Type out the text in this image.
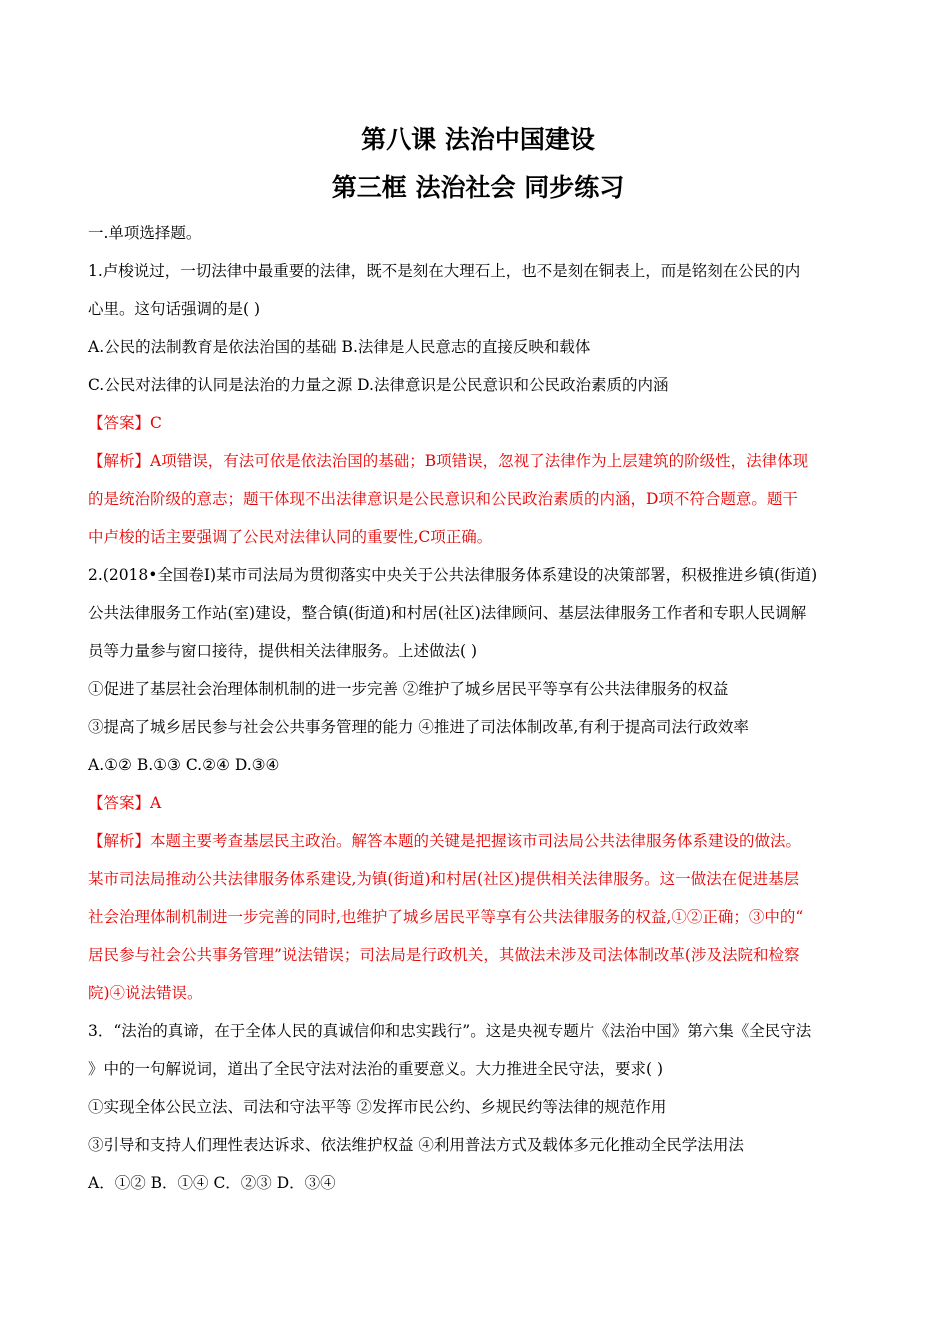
第八课 法治中国建设
第三框 法治社会 同步练习

一.单项选择题。

1.卢梭说过，一切法律中最重要的法律，既不是刻在大理石上，也不是刻在铜表上，而是铭刻在公民的内

心里。这句话强调的是( )

A.公民的法制教育是依法治国的基础 B.法律是人民意志的直接反映和载体

C.公民对法律的认同是法治的力量之源 D.法律意识是公民意识和公民政治素质的内涵

【答案】C

【解析】A项错误，有法可依是依法治国的基础；B项错误，忽视了法律作为上层建筑的阶级性，法律体现

的是统治阶级的意志；题干体现不出法律意识是公民意识和公民政治素质的内涵，D项不符合题意。题干

中卢梭的话主要强调了公民对法律认同的重要性,C项正确。

2.(2018•全国卷Ⅰ)某市司法局为贯彻落实中央关于公共法律服务体系建设的决策部署，积极推进乡镇(街道)

公共法律服务工作站(室)建设，整合镇(街道)和村居(社区)法律顾问、基层法律服务工作者和专职人民调解

员等力量参与窗口接待，提供相关法律服务。上述做法( )

①促进了基层社会治理体制机制的进一步完善 ②维护了城乡居民平等享有公共法律服务的权益

③提高了城乡居民参与社会公共事务管理的能力 ④推进了司法体制改革,有利于提高司法行政效率

A.①② B.①③ C.②④ D.③④

【答案】A

【解析】本题主要考查基层民主政治。解答本题的关键是把握该市司法局公共法律服务体系建设的做法。

某市司法局推动公共法律服务体系建设,为镇(街道)和村居(社区)提供相关法律服务。这一做法在促进基层

社会治理体制机制进一步完善的同时,也维护了城乡居民平等享有公共法律服务的权益,①②正确；③中的“

居民参与社会公共事务管理”说法错误；司法局是行政机关，其做法未涉及司法体制改革(涉及法院和检察

院)④说法错误。

3．“法治的真谛，在于全体人民的真诚信仰和忠实践行”。这是央视专题片《法治中国》第六集《全民守法

》中的一句解说词，道出了全民守法对法治的重要意义。大力推进全民守法，要求( )

①实现全体公民立法、司法和守法平等 ②发挥市民公约、乡规民约等法律的规范作用

③引导和支持人们理性表达诉求、依法维护权益 ④利用普法方式及载体多元化推动全民学法用法

A．①② B．①④ C．②③ D．③④
